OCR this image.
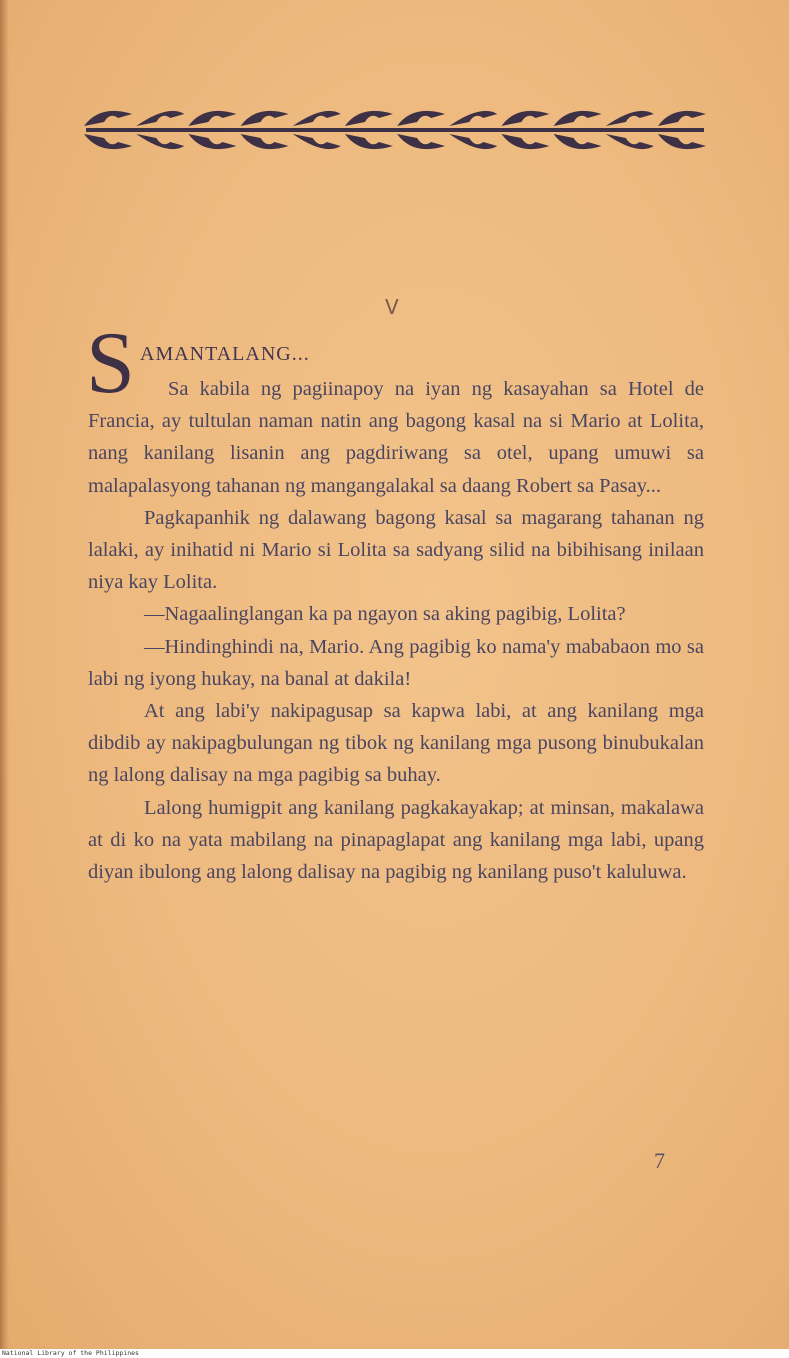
V
S AMANTALANG...

Sa kabila ng pagiinapoy na iyan ng kasayahan sa Hotel de Francia, ay tultulan naman natin ang bagong kasal na si Mario at Lolita, nang kanilang lisanin ang pagdiriwang sa otel, upang umuwi sa malapalasyong tahanan ng mangangalakal sa daang Robert sa Pasay...

Pagkapanhik ng dalawang bagong kasal sa magarang tahanan ng lalaki, ay inihatid ni Mario si Lolita sa sadyang silid na bibihisang inilaan niya kay Lolita.

—Nagaalinglangan ka pa ngayon sa aking pagibig, Lolita?

—Hindinghindi na, Mario. Ang pagibig ko nama'y mababaon mo sa labi ng iyong hukay, na banal at dakila!

At ang labi'y nakipagusap sa kapwa labi, at ang kanilang mga dibdib ay nakipagbulungan ng tibok ng kanilang mga pusong binubukalan ng lalong dalisay na mga pagibig sa buhay.

Lalong humigpit ang kanilang pagkakayakap; at minsan, makalawa at di ko na yata mabilang na pinapaglapat ang kanilang mga labi, upang diyan ibulong ang lalong dalisay na pagibig ng kanilang puso't kaluluwa.

7
National Library of the Philippines
